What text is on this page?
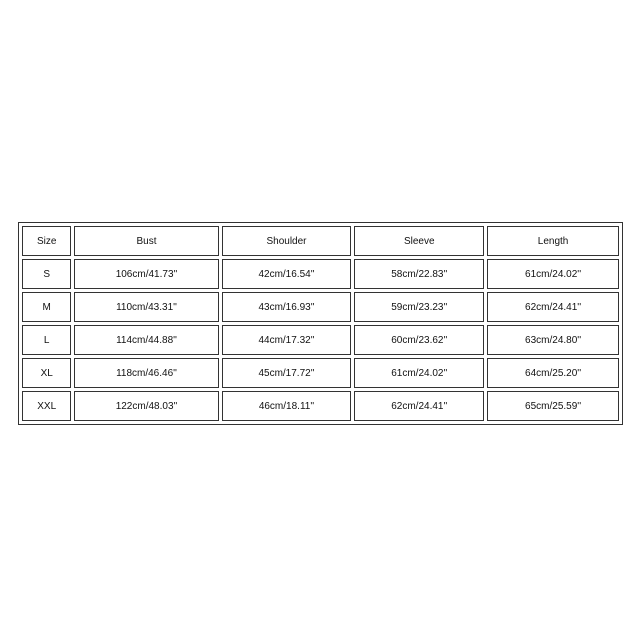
Size	Bust	Shoulder	Sleeve	Length
S	106cm/41.73''	42cm/16.54''	58cm/22.83''	61cm/24.02''
M	110cm/43.31''	43cm/16.93''	59cm/23.23''	62cm/24.41''
L	114cm/44.88''	44cm/17.32''	60cm/23.62''	63cm/24.80''
XL	118cm/46.46''	45cm/17.72''	61cm/24.02''	64cm/25.20''
XXL	122cm/48.03''	46cm/18.11''	62cm/24.41''	65cm/25.59''
